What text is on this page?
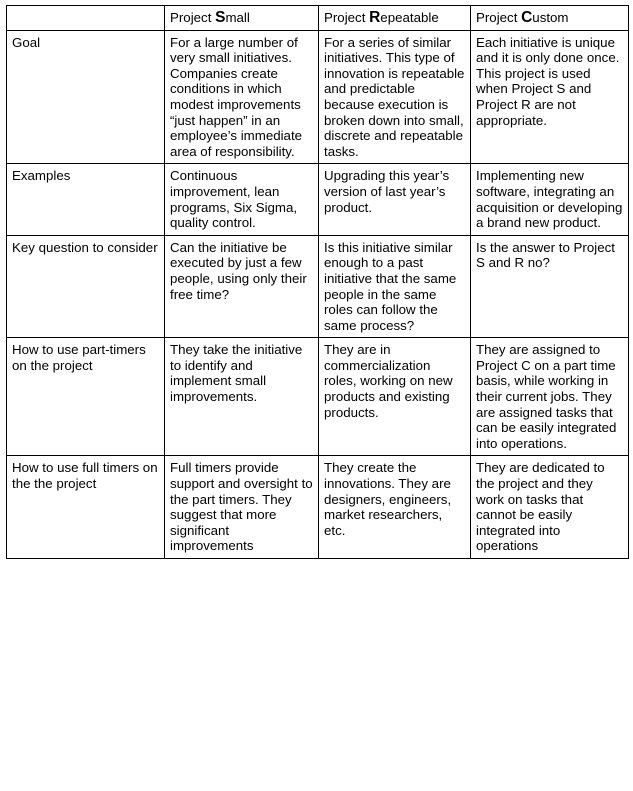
	Project Small	Project Repeatable	Project Custom
Goal	For a large number of very small initiatives. Companies create conditions in which modest improvements “just happen” in an employee’s immediate area of responsibility.	For a series of similar initiatives. This type of innovation is repeatable and predictable because execution is broken down into small, discrete and repeatable tasks.	Each initiative is unique and it is only done once. This project is used when Project S and Project R are not appropriate.
Examples	Continuous improvement, lean programs, Six Sigma, quality control.	Upgrading this year’s version of last year’s product.	Implementing new software, integrating an acquisition or developing a brand new product.
Key question to consider	Can the initiative be executed by just a few people, using only their free time?	Is this initiative similar enough to a past initiative that the same people in the same roles can follow the same process?	Is the answer to Project S and R no?
How to use part-timers on the project	They take the initiative to identify and implement small improvements.	They are in commercialization roles, working on new products and existing products.	They are assigned to Project C on a part time basis, while working in their current jobs. They are assigned tasks that can be easily integrated into operations.
How to use full timers on the the project	Full timers provide support and oversight to the part timers. They suggest that more significant improvements	They create the innovations. They are designers, engineers, market researchers, etc.	They are dedicated to the project and they work on tasks that cannot be easily integrated into operations
